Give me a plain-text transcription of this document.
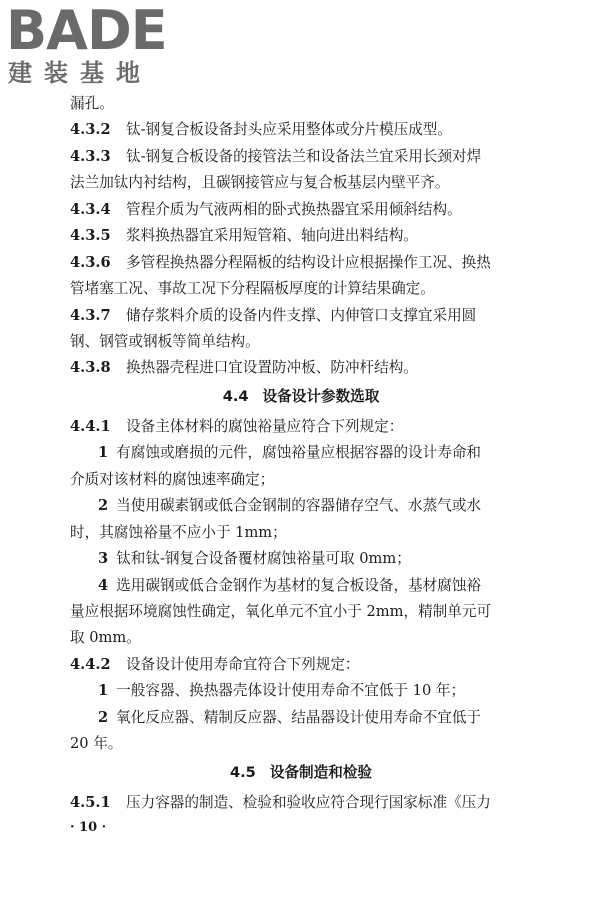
BADE
建装基地
漏孔。
4.3.2 钛-钢复合板设备封头应采用整体或分片模压成型。
4.3.3 钛-钢复合板设备的接管法兰和设备法兰宜采用长颈对焊
法兰加钛内衬结构，且碳钢接管应与复合板基层内壁平齐。
4.3.4 管程介质为气液两相的卧式换热器宜采用倾斜结构。
4.3.5 浆料换热器宜采用短管箱、轴向进出料结构。
4.3.6 多管程换热器分程隔板的结构设计应根据操作工况、换热
管堵塞工况、事故工况下分程隔板厚度的计算结果确定。
4.3.7 储存浆料介质的设备内件支撑、内伸管口支撑宜采用圆
钢、钢管或钢板等简单结构。
4.3.8 换热器壳程进口宜设置防冲板、防冲杆结构。
4.4 设备设计参数选取
4.4.1 设备主体材料的腐蚀裕量应符合下列规定：
1 有腐蚀或磨损的元件，腐蚀裕量应根据容器的设计寿命和
介质对该材料的腐蚀速率确定；
2 当使用碳素钢或低合金钢制的容器储存空气、水蒸气或水
时，其腐蚀裕量不应小于 1mm；
3 钛和钛-钢复合设备覆材腐蚀裕量可取 0mm；
4 选用碳钢或低合金钢作为基材的复合板设备，基材腐蚀裕
量应根据环境腐蚀性确定，氧化单元不宜小于 2mm，精制单元可
取 0mm。
4.4.2 设备设计使用寿命宜符合下列规定：
1 一般容器、换热器壳体设计使用寿命不宜低于 10 年；
2 氧化反应器、精制反应器、结晶器设计使用寿命不宜低于
20 年。
4.5 设备制造和检验
4.5.1 压力容器的制造、检验和验收应符合现行国家标准《压力
· 10 ·
